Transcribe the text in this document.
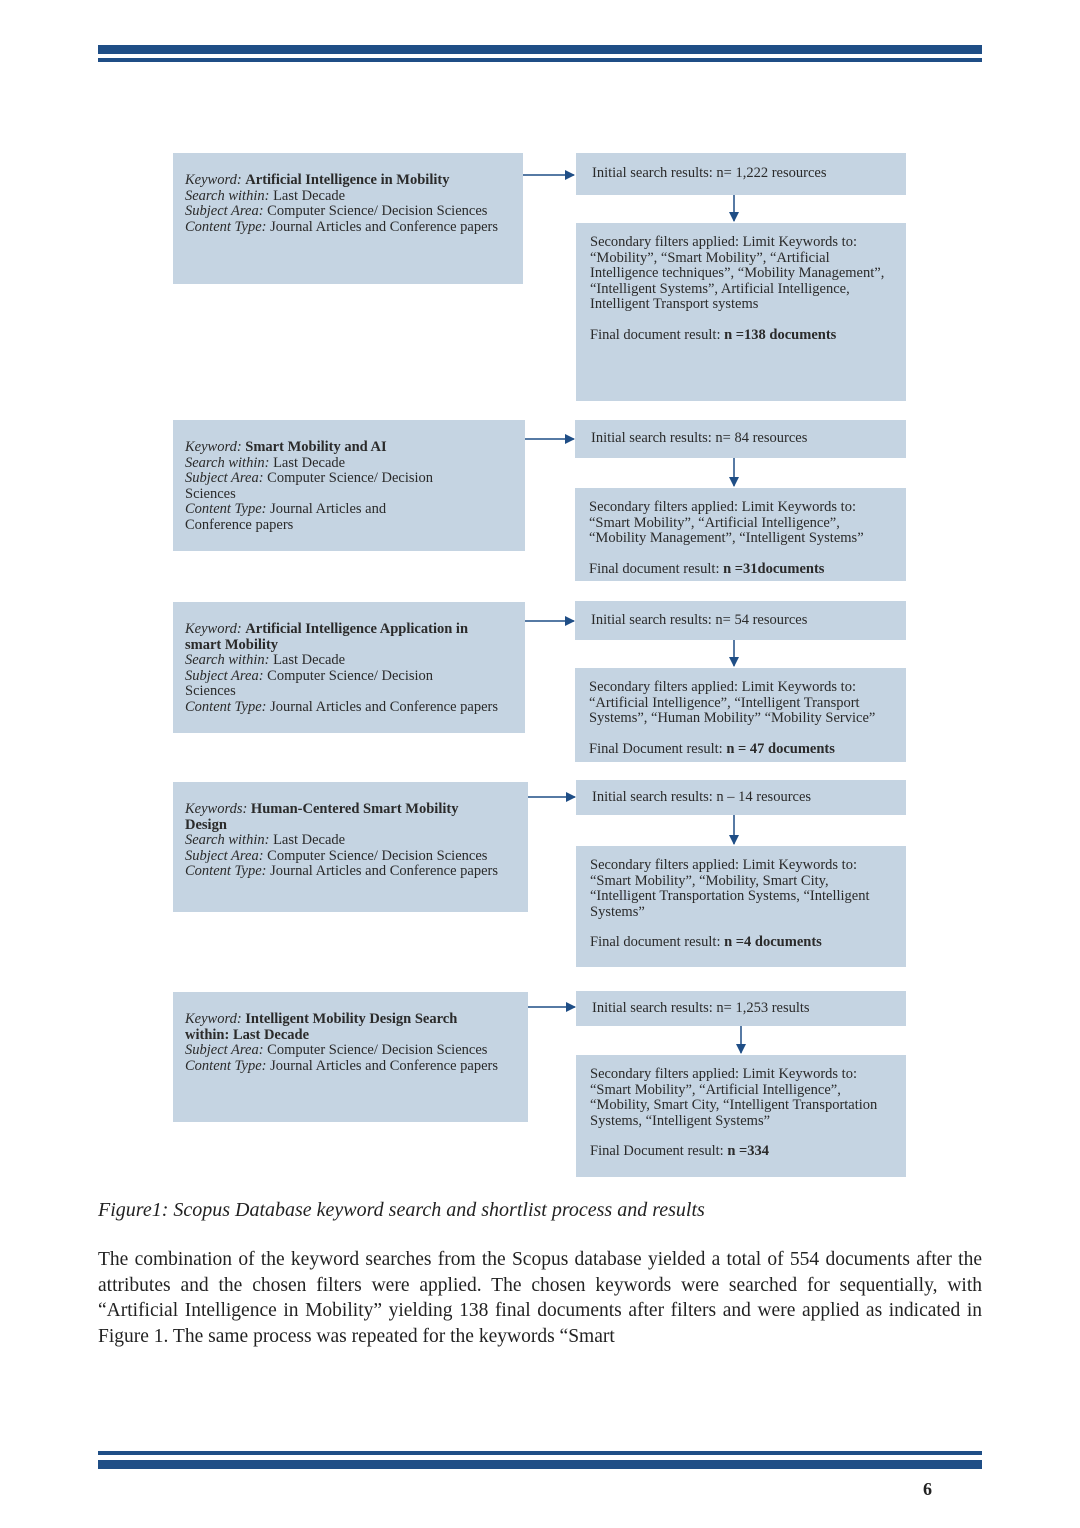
Keyword: Artificial Intelligence in Mobility

Search within: Last Decade

Subject Area: Computer Science/ Decision Sciences

Content Type: Journal Articles and Conference papers

Initial search results: n= 1,222 resources

Secondary filters applied: Limit Keywords to: “Mobility”, “Smart Mobility”, “Artificial Intelligence techniques”, “Mobility Management”, “Intelligent Systems”, Artificial Intelligence, Intelligent Transport systems

Final document result: n =138 documents

Keyword: Smart Mobility and AI

Search within: Last Decade

Subject Area: Computer Science/ Decision Sciences

Content Type: Journal Articles and Conference papers

Initial search results: n= 84 resources

Secondary filters applied: Limit Keywords to: “Smart Mobility”, “Artificial Intelligence”, “Mobility Management”, “Intelligent Systems”

Final document result: n =31documents

Keyword: Artificial Intelligence Application in smart Mobility

Search within: Last Decade

Subject Area: Computer Science/ Decision Sciences

Content Type: Journal Articles and Conference papers

Initial search results: n= 54 resources

Secondary filters applied: Limit Keywords to: “Artificial Intelligence”, “Intelligent Transport Systems”, “Human Mobility” “Mobility Service”

Final Document result: n = 47 documents

Keywords: Human-Centered Smart Mobility Design

Search within: Last Decade

Subject Area: Computer Science/ Decision Sciences

Content Type: Journal Articles and Conference papers

Initial search results: n – 14 resources

Secondary filters applied: Limit Keywords to: “Smart Mobility”, “Mobility, Smart City, “Intelligent Transportation Systems, “Intelligent Systems”

Final document result: n =4 documents

Keyword: Intelligent Mobility Design Search within: Last Decade

Subject Area: Computer Science/ Decision Sciences

Content Type: Journal Articles and Conference papers

Initial search results: n= 1,253 results

Secondary filters applied: Limit Keywords to: “Smart Mobility”, “Artificial Intelligence”, “Mobility, Smart City, “Intelligent Transportation Systems, “Intelligent Systems”

Final Document result: n =334

Figure1: Scopus Database keyword search and shortlist process and results
The combination of the keyword searches from the Scopus database yielded a total of 554 documents after the attributes and the chosen filters were applied. The chosen keywords were searched for sequentially, with “Artificial Intelligence in Mobility” yielding 138 final documents after filters and were applied as indicated in Figure 1. The same process was repeated for the keywords “Smart
6
